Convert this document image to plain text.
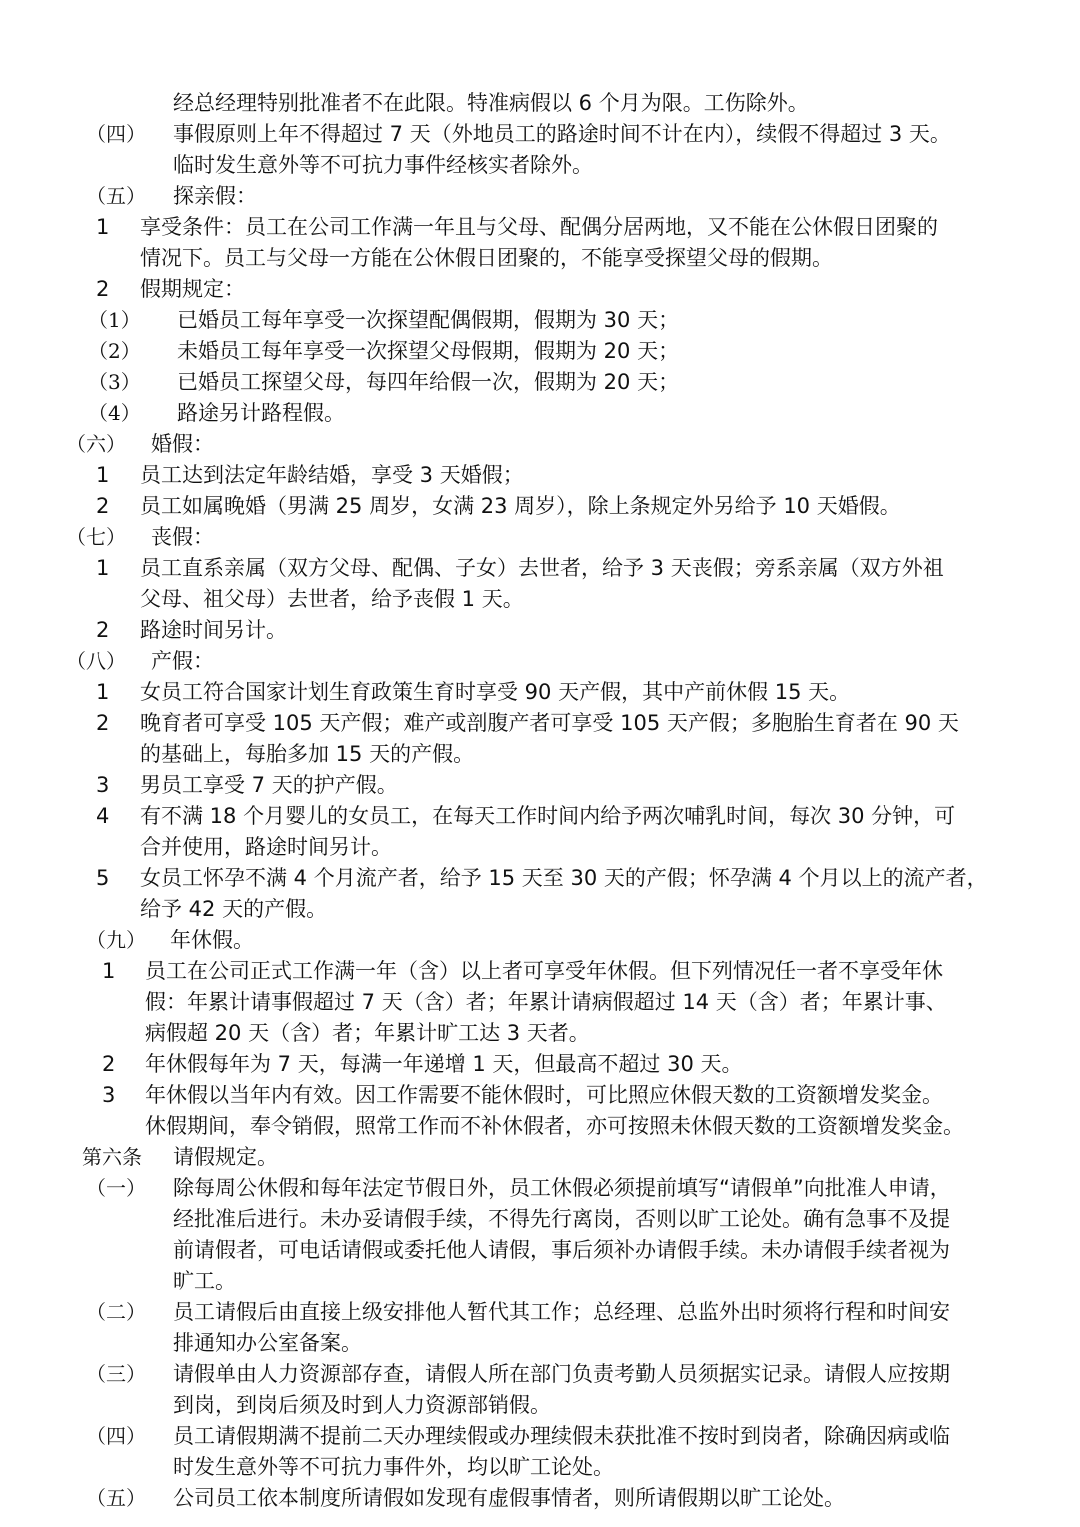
经总经理特别批准者不在此限。特准病假以 6 个月为限。工伤除外。
（四） 事假原则上年不得超过 7 天（外地员工的路途时间不计在内），续假不得超过 3 天。
临时发生意外等不可抗力事件经核实者除外。
（五） 探亲假：
1 享受条件：员工在公司工作满一年且与父母、配偶分居两地，又不能在公休假日团聚的
情况下。员工与父母一方能在公休假日团聚的，不能享受探望父母的假期。
2 假期规定：
（1） 已婚员工每年享受一次探望配偶假期，假期为 30 天；
（2） 未婚员工每年享受一次探望父母假期，假期为 20 天；
（3） 已婚员工探望父母，每四年给假一次，假期为 20 天；
（4） 路途另计路程假。
（六） 婚假：
1 员工达到法定年龄结婚，享受 3 天婚假；
2 员工如属晚婚（男满 25 周岁，女满 23 周岁），除上条规定外另给予 10 天婚假。
（七） 丧假：
1 员工直系亲属（双方父母、配偶、子女）去世者，给予 3 天丧假；旁系亲属（双方外祖
父母、祖父母）去世者，给予丧假 1 天。
2 路途时间另计。
（八） 产假：
1 女员工符合国家计划生育政策生育时享受 90 天产假，其中产前休假 15 天。
2 晚育者可享受 105 天产假；难产或剖腹产者可享受 105 天产假；多胞胎生育者在 90 天
的基础上，每胎多加 15 天的产假。
3 男员工享受 7 天的护产假。
4 有不满 18 个月婴儿的女员工，在每天工作时间内给予两次哺乳时间，每次 30 分钟，可
合并使用，路途时间另计。
5 女员工怀孕不满 4 个月流产者，给予 15 天至 30 天的产假；怀孕满 4 个月以上的流产者，
给予 42 天的产假。
（九） 年休假。
1 员工在公司正式工作满一年（含）以上者可享受年休假。但下列情况任一者不享受年休
假：年累计请事假超过 7 天（含）者；年累计请病假超过 14 天（含）者；年累计事、
病假超 20 天（含）者；年累计旷工达 3 天者。
2 年休假每年为 7 天，每满一年递增 1 天，但最高不超过 30 天。
3 年休假以当年内有效。因工作需要不能休假时，可比照应休假天数的工资额增发奖金。
休假期间，奉令销假，照常工作而不补休假者，亦可按照未休假天数的工资额增发奖金。
第六条 请假规定。
（一） 除每周公休假和每年法定节假日外，员工休假必须提前填写“请假单”向批准人申请，
经批准后进行。未办妥请假手续，不得先行离岗，否则以旷工论处。确有急事不及提
前请假者，可电话请假或委托他人请假，事后须补办请假手续。未办请假手续者视为
旷工。
（二） 员工请假后由直接上级安排他人暂代其工作；总经理、总监外出时须将行程和时间安
排通知办公室备案。
（三） 请假单由人力资源部存查，请假人所在部门负责考勤人员须据实记录。请假人应按期
到岗，到岗后须及时到人力资源部销假。
（四） 员工请假期满不提前二天办理续假或办理续假未获批准不按时到岗者，除确因病或临
时发生意外等不可抗力事件外，均以旷工论处。
（五） 公司员工依本制度所请假如发现有虚假事情者，则所请假期以旷工论处。
